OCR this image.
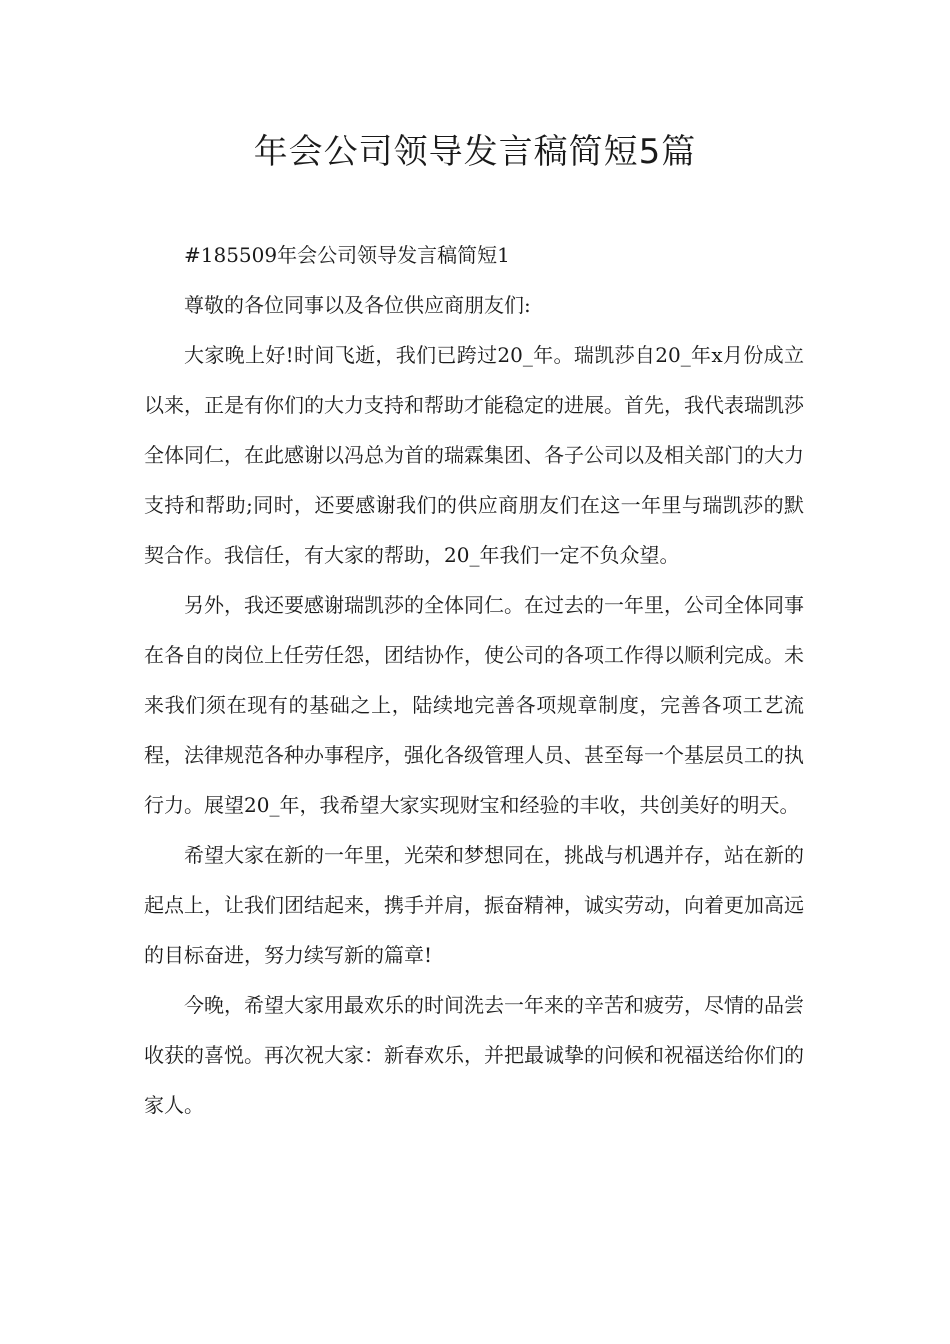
年会公司领导发言稿简短5篇

#185509年会公司领导发言稿简短1

尊敬的各位同事以及各位供应商朋友们:

大家晚上好!时间飞逝，我们已跨过20_年。瑞凯莎自20_年x月份成立以来，正是有你们的大力支持和帮助才能稳定的进展。首先，我代表瑞凯莎全体同仁，在此感谢以冯总为首的瑞霖集团、各子公司以及相关部门的大力支持和帮助;同时，还要感谢我们的供应商朋友们在这一年里与瑞凯莎的默契合作。我信任，有大家的帮助，20_年我们一定不负众望。

另外，我还要感谢瑞凯莎的全体同仁。在过去的一年里，公司全体同事在各自的岗位上任劳任怨，团结协作，使公司的各项工作得以顺利完成。未来我们须在现有的基础之上，陆续地完善各项规章制度，完善各项工艺流程，法律规范各种办事程序，强化各级管理人员、甚至每一个基层员工的执行力。展望20_年，我希望大家实现财宝和经验的丰收，共创美好的明天。

希望大家在新的一年里，光荣和梦想同在，挑战与机遇并存，站在新的起点上，让我们团结起来，携手并肩，振奋精神，诚实劳动，向着更加高远的目标奋进，努力续写新的篇章!

今晚，希望大家用最欢乐的时间洗去一年来的辛苦和疲劳，尽情的品尝收获的喜悦。再次祝大家：新春欢乐，并把最诚挚的问候和祝福送给你们的家人。
